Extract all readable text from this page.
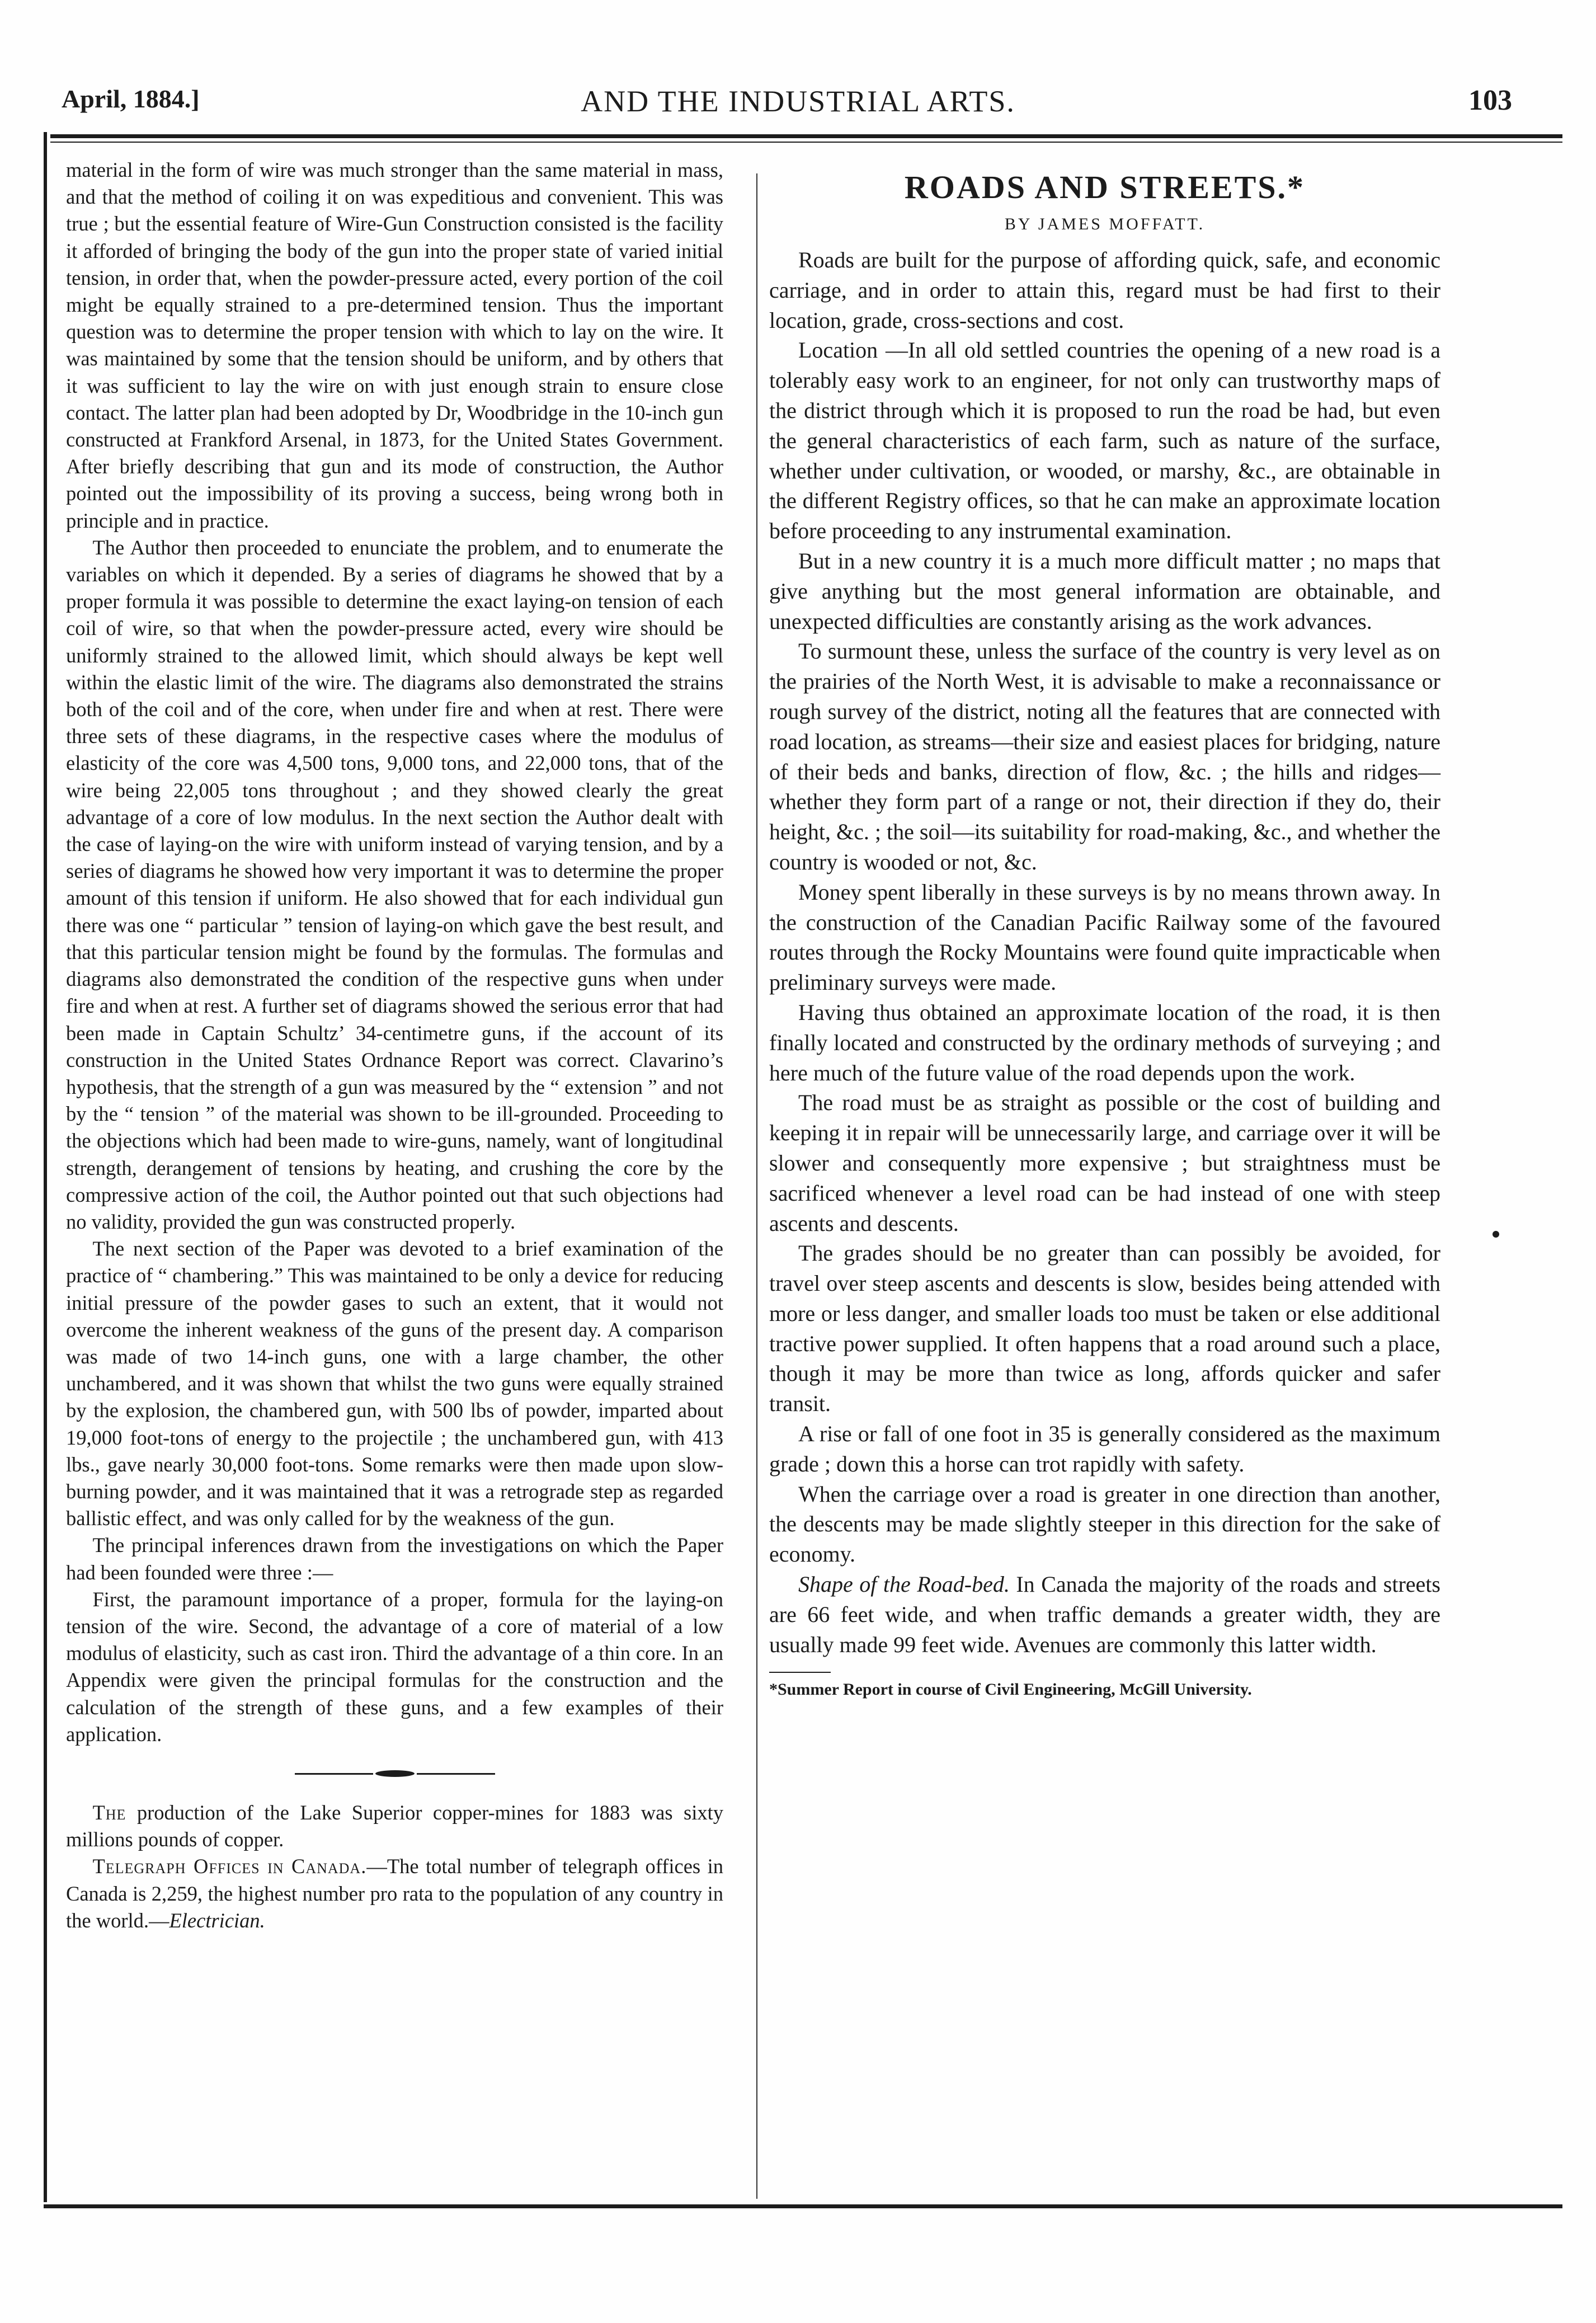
April, 1884.]	AND THE INDUSTRIAL ARTS.	103

material in the form of wire was much stronger than the same material in mass, and that the method of coiling it on was expeditious and convenient. This was true ; but the essential feature of Wire-Gun Construction consisted is the facility it afforded of bringing the body of the gun into the proper state of varied initial tension, in order that, when the powder-pressure acted, every portion of the coil might be equally strained to a pre-determined tension. Thus the important question was to determine the proper tension with which to lay on the wire. It was maintained by some that the tension should be uniform, and by others that it was sufficient to lay the wire on with just enough strain to ensure close contact. The latter plan had been adopted by Dr, Woodbridge in the 10-inch gun constructed at Frankford Arsenal, in 1873, for the United States Government. After briefly describing that gun and its mode of construction, the Author pointed out the impossibility of its proving a success, being wrong both in principle and in practice.

The Author then proceeded to enunciate the problem, and to enumerate the variables on which it depended. By a series of diagrams he showed that by a proper formula it was possible to determine the exact laying-on tension of each coil of wire, so that when the powder-pressure acted, every wire should be uniformly strained to the allowed limit, which should always be kept well within the elastic limit of the wire. The diagrams also demonstrated the strains both of the coil and of the core, when under fire and when at rest. There were three sets of these diagrams, in the respective cases where the modulus of elasticity of the core was 4,500 tons, 9,000 tons, and 22,000 tons, that of the wire being 22,005 tons throughout ; and they showed clearly the great advantage of a core of low modulus. In the next section the Author dealt with the case of laying-on the wire with uniform instead of varying tension, and by a series of diagrams he showed how very important it was to determine the proper amount of this tension if uniform. He also showed that for each individual gun there was one “ particular ” tension of laying-on which gave the best result, and that this particular tension might be found by the formulas. The formulas and diagrams also demonstrated the condition of the respective guns when under fire and when at rest. A further set of diagrams showed the serious error that had been made in Captain Schultz’ 34-centimetre guns, if the account of its construction in the United States Ordnance Report was correct. Clavarino’s hypothesis, that the strength of a gun was measured by the “ extension ” and not by the “ tension ” of the material was shown to be ill-grounded. Proceeding to the objections which had been made to wire-guns, namely, want of longitudinal strength, derangement of tensions by heating, and crushing the core by the compressive action of the coil, the Author pointed out that such objections had no validity, provided the gun was constructed properly.

The next section of the Paper was devoted to a brief examination of the practice of “ chambering.” This was maintained to be only a device for reducing initial pressure of the powder gases to such an extent, that it would not overcome the inherent weakness of the guns of the present day. A comparison was made of two 14-inch guns, one with a large chamber, the other unchambered, and it was shown that whilst the two guns were equally strained by the explosion, the chambered gun, with 500 lbs of powder, imparted about 19,000 foot-tons of energy to the projectile ; the unchambered gun, with 413 lbs., gave nearly 30,000 foot-tons. Some remarks were then made upon slow-burning powder, and it was maintained that it was a retrograde step as regarded ballistic effect, and was only called for by the weakness of the gun.

The principal inferences drawn from the investigations on which the Paper had been founded were three :—

First, the paramount importance of a proper, formula for the laying-on tension of the wire. Second, the advantage of a core of material of a low modulus of elasticity, such as cast iron. Third the advantage of a thin core. In an Appendix were given the principal formulas for the construction and the calculation of the strength of these guns, and a few examples of their application.

The production of the Lake Superior copper-mines for 1883 was sixty millions pounds of copper.

Telegraph Offices in Canada.—The total number of telegraph offices in Canada is 2,259, the highest number pro rata to the population of any country in the world.—Electrician.

ROADS AND STREETS.*
BY JAMES MOFFATT.

Roads are built for the purpose of affording quick, safe, and economic carriage, and in order to attain this, regard must be had first to their location, grade, cross-sections and cost.

Location —In all old settled countries the opening of a new road is a tolerably easy work to an engineer, for not only can trustworthy maps of the district through which it is proposed to run the road be had, but even the general characteristics of each farm, such as nature of the surface, whether under cultivation, or wooded, or marshy, &c., are obtainable in the different Registry offices, so that he can make an approximate location before proceeding to any instrumental examination.

But in a new country it is a much more difficult matter ; no maps that give anything but the most general information are obtainable, and unexpected difficulties are constantly arising as the work advances.

To surmount these, unless the surface of the country is very level as on the prairies of the North West, it is advisable to make a reconnaissance or rough survey of the district, noting all the features that are connected with road location, as streams—their size and easiest places for bridging, nature of their beds and banks, direction of flow, &c. ; the hills and ridges—whether they form part of a range or not, their direction if they do, their height, &c. ; the soil—its suitability for road-making, &c., and whether the country is wooded or not, &c.

Money spent liberally in these surveys is by no means thrown away. In the construction of the Canadian Pacific Railway some of the favoured routes through the Rocky Mountains were found quite impracticable when preliminary surveys were made.

Having thus obtained an approximate location of the road, it is then finally located and constructed by the ordinary methods of surveying ; and here much of the future value of the road depends upon the work.

The road must be as straight as possible or the cost of building and keeping it in repair will be unnecessarily large, and carriage over it will be slower and consequently more expensive ; but straightness must be sacrificed whenever a level road can be had instead of one with steep ascents and descents.

The grades should be no greater than can possibly be avoided, for travel over steep ascents and descents is slow, besides being attended with more or less danger, and smaller loads too must be taken or else additional tractive power supplied. It often happens that a road around such a place, though it may be more than twice as long, affords quicker and safer transit.

A rise or fall of one foot in 35 is generally considered as the maximum grade ; down this a horse can trot rapidly with safety.

When the carriage over a road is greater in one direction than another, the descents may be made slightly steeper in this direction for the sake of economy.

Shape of the Road-bed. In Canada the majority of the roads and streets are 66 feet wide, and when traffic demands a greater width, they are usually made 99 feet wide. Avenues are commonly this latter width.

*Summer Report in course of Civil Engineering, McGill University.
